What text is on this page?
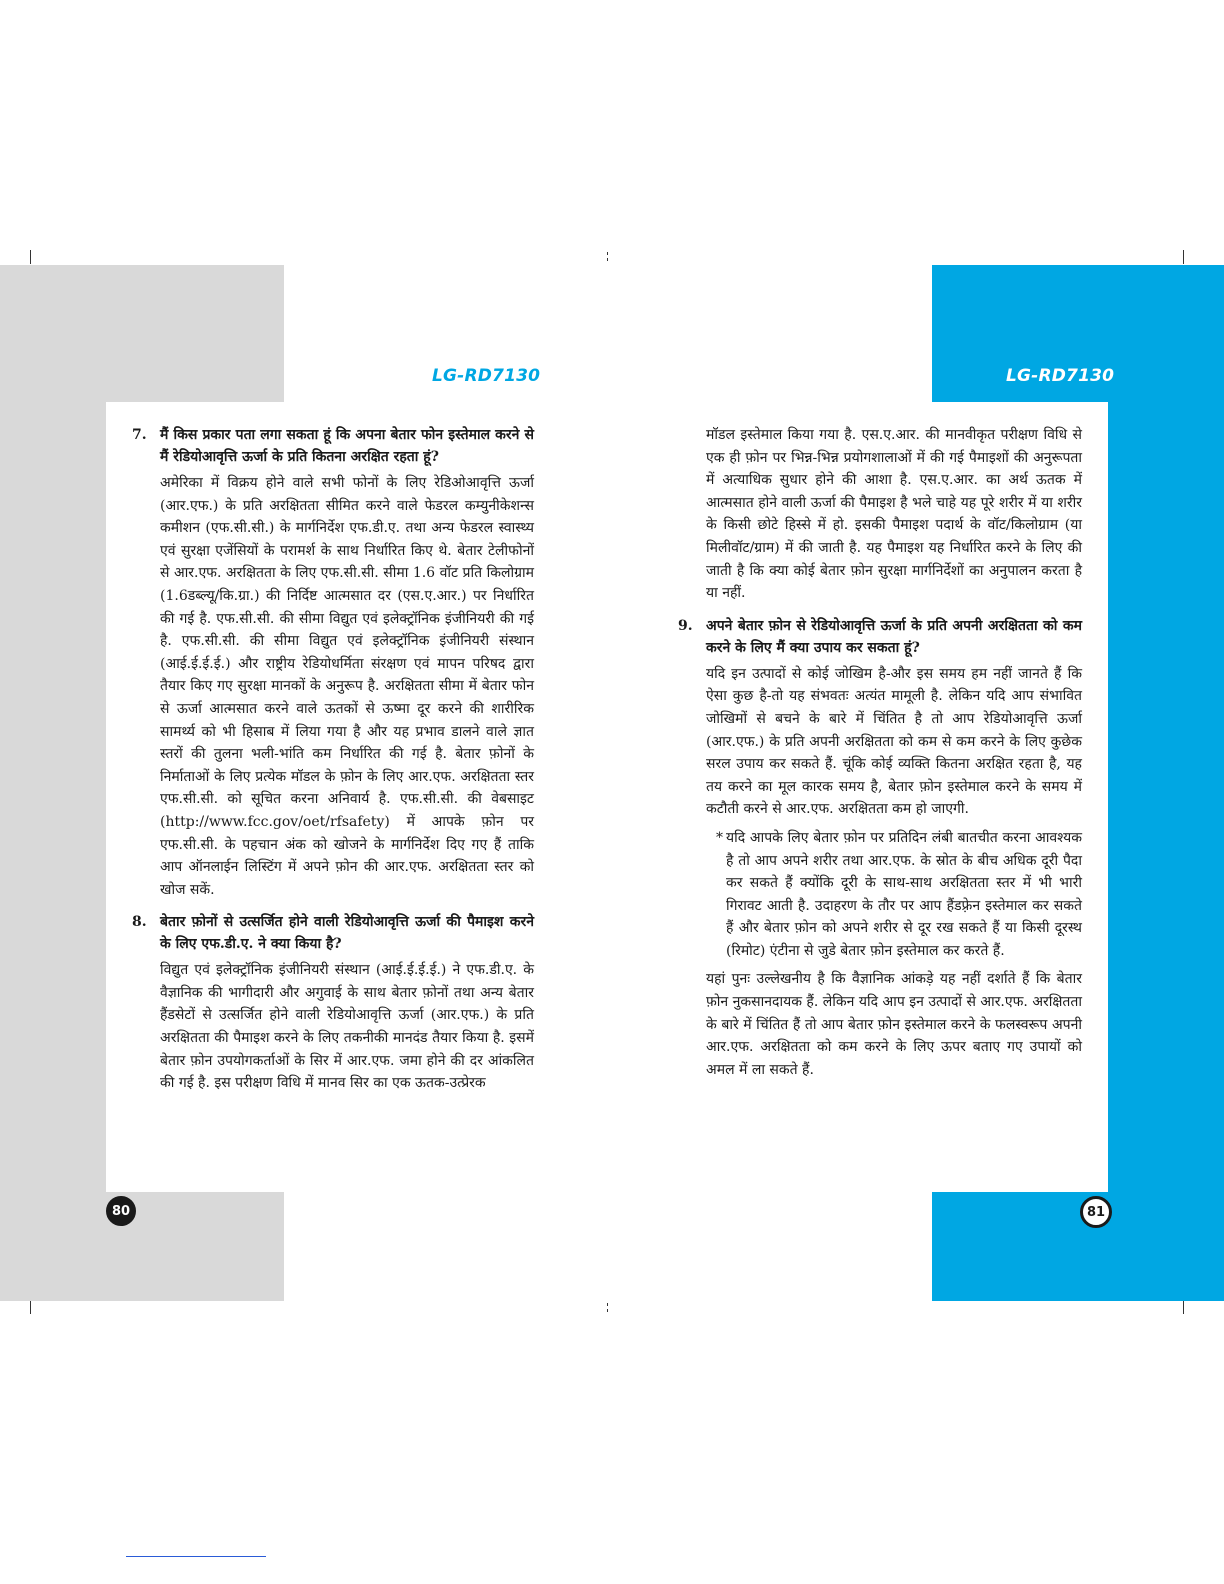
LG-RD7130	LG-RD7130

7. मैं किस प्रकार पता लगा सकता हूं कि अपना बेतार फोन इस्तेमाल करने से मैं रेडियोआवृत्ति ऊर्जा के प्रति कितना अरक्षित रहता हूं?

अमेरिका में विक्रय होने वाले सभी फोनों के लिए रेडिओआवृत्ति ऊर्जा (आर.एफ.) के प्रति अरक्षितता सीमित करने वाले फेडरल कम्युनीकेशन्स कमीशन (एफ.सी.सी.) के मार्गनिर्देश एफ.डी.ए. तथा अन्य फेडरल स्वास्थ्य एवं सुरक्षा एजेंसियों के परामर्श के साथ निर्धारित किए थे. बेतार टेलीफोनों से आर.एफ. अरक्षितता के लिए एफ.सी.सी. सीमा 1.6 वॉट प्रति किलोग्राम (1.6डब्ल्यू/कि.ग्रा.) की निर्दिष्ट आत्मसात दर (एस.ए.आर.) पर निर्धारित की गई है. एफ.सी.सी. की सीमा विद्युत एवं इलेक्ट्रॉनिक इंजीनियरी की गई है. एफ.सी.सी. की सीमा विद्युत एवं इलेक्ट्रॉनिक इंजीनियरी संस्थान (आई.ई.ई.ई.) और राष्ट्रीय रेडियोधर्मिता संरक्षण एवं मापन परिषद द्वारा तैयार किए गए सुरक्षा मानकों के अनुरूप है. अरक्षितता सीमा में बेतार फोन से ऊर्जा आत्मसात करने वाले ऊतकों से ऊष्मा दूर करने की शारीरिक सामर्थ्य को भी हिसाब में लिया गया है और यह प्रभाव डालने वाले ज्ञात स्तरों की तुलना भली-भांति कम निर्धारित की गई है. बेतार फ़ोनों के निर्माताओं के लिए प्रत्येक मॉडल के फ़ोन के लिए आर.एफ. अरक्षितता स्तर एफ.सी.सी. को सूचित करना अनिवार्य है. एफ.सी.सी. की वेबसाइट (http://www.fcc.gov/oet/rfsafety) में आपके फ़ोन पर एफ.सी.सी. के पहचान अंक को खोजने के मार्गनिर्देश दिए गए हैं ताकि आप ऑनलाईन लिस्टिंग में अपने फ़ोन की आर.एफ. अरक्षितता स्तर को खोज सकें.

8. बेतार फ़ोनों से उत्सर्जित होने वाली रेडियोआवृत्ति ऊर्जा की पैमाइश करने के लिए एफ.डी.ए. ने क्या किया है?

विद्युत एवं इलेक्ट्रॉनिक इंजीनियरी संस्थान (आई.ई.ई.ई.) ने एफ.डी.ए. के वैज्ञानिक की भागीदारी और अगुवाई के साथ बेतार फ़ोनों तथा अन्य बेतार हैंडसेटों से उत्सर्जित होने वाली रेडियोआवृत्ति ऊर्जा (आर.एफ.) के प्रति अरक्षितता की पैमाइश करने के लिए तकनीकी मानदंड तैयार किया है. इसमें बेतार फ़ोन उपयोगकर्ताओं के सिर में आर.एफ. जमा होने की दर आंकलित की गई है. इस परीक्षण विधि में मानव सिर का एक ऊतक-उत्प्रेरक

मॉडल इस्तेमाल किया गया है. एस.ए.आर. की मानवीकृत परीक्षण विधि से एक ही फ़ोन पर भिन्न-भिन्न प्रयोगशालाओं में की गई पैमाइशों की अनुरूपता में अत्याधिक सुधार होने की आशा है. एस.ए.आर. का अर्थ ऊतक में आत्मसात होने वाली ऊर्जा की पैमाइश है भले चाहे यह पूरे शरीर में या शरीर के किसी छोटे हिस्से में हो. इसकी पैमाइश पदार्थ के वॉट/किलोग्राम (या मिलीवॉट/ग्राम) में की जाती है. यह पैमाइश यह निर्धारित करने के लिए की जाती है कि क्या कोई बेतार फ़ोन सुरक्षा मार्गनिर्देशों का अनुपालन करता है या नहीं.

9. अपने बेतार फ़ोन से रेडियोआवृत्ति ऊर्जा के प्रति अपनी अरक्षितता को कम करने के लिए मैं क्या उपाय कर सकता हूं?

यदि इन उत्पादों से कोई जोखिम है-और इस समय हम नहीं जानते हैं कि ऐसा कुछ है-तो यह संभवतः अत्यंत मामूली है. लेकिन यदि आप संभावित जोखिमों से बचने के बारे में चिंतित है तो आप रेडियोआवृत्ति ऊर्जा (आर.एफ.) के प्रति अपनी अरक्षितता को कम से कम करने के लिए कुछेक सरल उपाय कर सकते हैं. चूंकि कोई व्यक्ति कितना अरक्षित रहता है, यह तय करने का मूल कारक समय है, बेतार फ़ोन इस्तेमाल करने के समय में कटौती करने से आर.एफ. अरक्षितता कम हो जाएगी.

* यदि आपके लिए बेतार फ़ोन पर प्रतिदिन लंबी बातचीत करना आवश्यक है तो आप अपने शरीर तथा आर.एफ. के स्रोत के बीच अधिक दूरी पैदा कर सकते हैं क्योंकि दूरी के साथ-साथ अरक्षितता स्तर में भी भारी गिरावट आती है. उदाहरण के तौर पर आप हैंडफ़्रेन इस्तेमाल कर सकते हैं और बेतार फ़ोन को अपने शरीर से दूर रख सकते हैं या किसी दूरस्थ (रिमोट) एंटीना से जुडे बेतार फ़ोन इस्तेमाल कर करते हैं.

यहां पुनः उल्लेखनीय है कि वैज्ञानिक आंकड़े यह नहीं दर्शाते हैं कि बेतार फ़ोन नुकसानदायक हैं. लेकिन यदि आप इन उत्पादों से आर.एफ. अरक्षितता के बारे में चिंतित हैं तो आप बेतार फ़ोन इस्तेमाल करने के फलस्वरूप अपनी आर.एफ. अरक्षितता को कम करने के लिए ऊपर बताए गए उपायों को अमल में ला सकते हैं.

80	81
